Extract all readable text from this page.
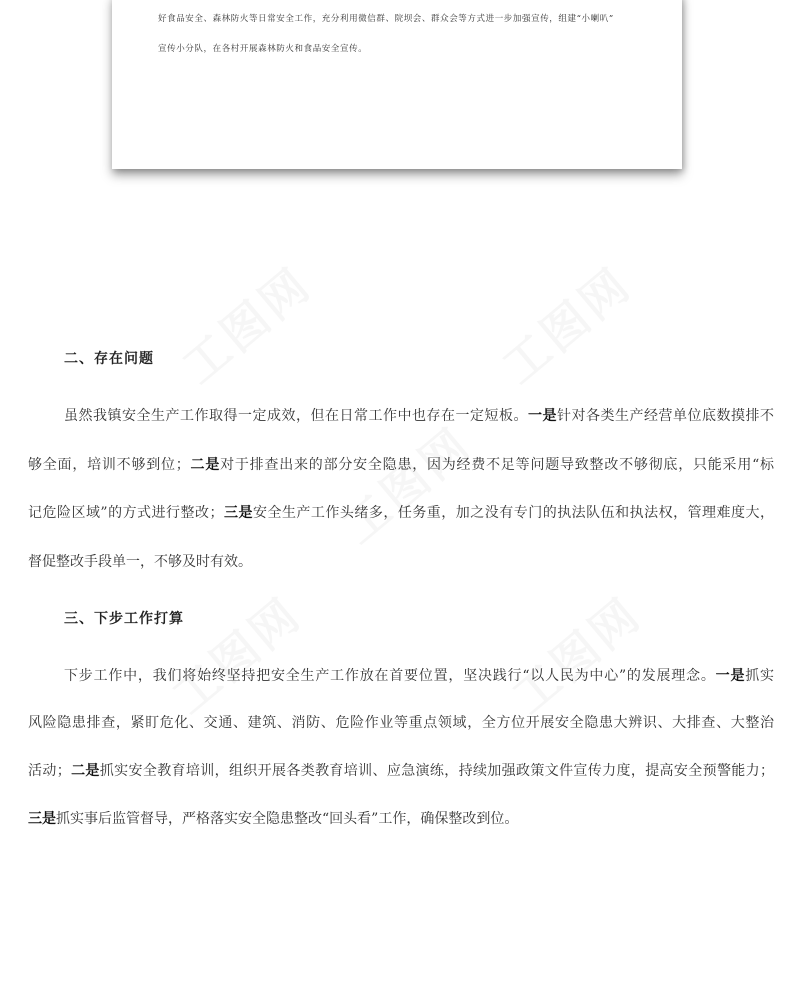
好食品安全、森林防火等日常安全工作，充分利用微信群、院坝会、群众会等方式进一步加强宣传，组建“小喇叭”
宣传小分队，在各村开展森林防火和食品安全宣传。
二、存在问题
虽然我镇安全生产工作取得一定成效，但在日常工作中也存在一定短板。一是针对各类生产经营单位底数摸排不
够全面，培训不够到位；二是对于排查出来的部分安全隐患，因为经费不足等问题导致整改不够彻底，只能采用“标
记危险区域”的方式进行整改；三是安全生产工作头绪多，任务重，加之没有专门的执法队伍和执法权，管理难度大，
督促整改手段单一，不够及时有效。
三、下步工作打算
下步工作中，我们将始终坚持把安全生产工作放在首要位置，坚决践行“以人民为中心”的发展理念。一是抓实
风险隐患排查，紧盯危化、交通、建筑、消防、危险作业等重点领域，全方位开展安全隐患大辨识、大排查、大整治
活动；二是抓实安全教育培训，组织开展各类教育培训、应急演练，持续加强政策文件宣传力度，提高安全预警能力；
三是抓实事后监管督导，严格落实安全隐患整改“回头看”工作，确保整改到位。
